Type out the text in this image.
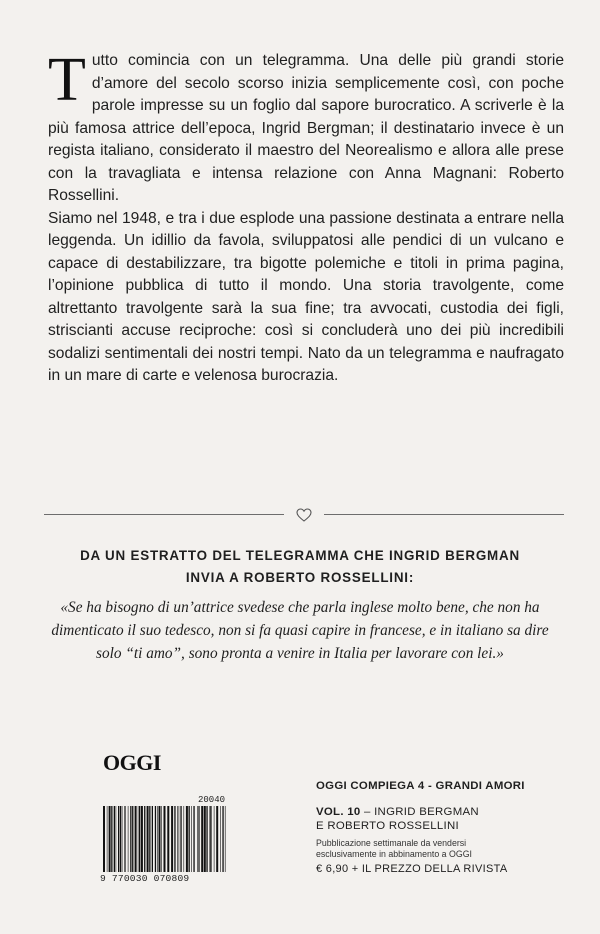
Tutto comincia con un telegramma. Una delle più grandi storie d’amore del secolo scorso inizia semplicemente così, con poche parole impresse su un foglio dal sapore burocratico. A scriverle è la più famosa attrice dell’epoca, Ingrid Bergman; il destinatario invece è un regista italiano, considerato il maestro del Neorealismo e allora alle prese con la travagliata e intensa relazione con Anna Magnani: Roberto Rossellini.

Siamo nel 1948, e tra i due esplode una passione destinata a entrare nella leggenda. Un idillio da favola, sviluppatosi alle pendici di un vulcano e capace di destabilizzare, tra bigotte polemiche e titoli in prima pagina, l’opinione pubblica di tutto il mondo. Una storia travolgente, come altrettanto travolgente sarà la sua fine; tra avvocati, custodia dei figli, striscianti accuse reciproche: così si concluderà uno dei più incredibili sodalizi sentimentali dei nostri tempi. Nato da un telegramma e naufragato in un mare di carte e velenosa burocrazia.

DA UN ESTRATTO DEL TELEGRAMMA CHE INGRID BERGMAN
INVIA A ROBERTO ROSSELLINI:
«Se ha bisogno di un’attrice svedese che parla inglese molto bene, che non ha dimenticato il suo tedesco, non si fa quasi capire in francese, e in italiano sa dire solo “ti amo”, sono pronta a venire in Italia per lavorare con lei.»
OGGI
20040
9 770030 070809
OGGI COMPIEGA 4 - GRANDI AMORI
VOL. 10 – INGRID BERGMAN
E ROBERTO ROSSELLINI
Pubblicazione settimanale da vendersi
esclusivamente in abbinamento a OGGI
€ 6,90 + IL PREZZO DELLA RIVISTA
